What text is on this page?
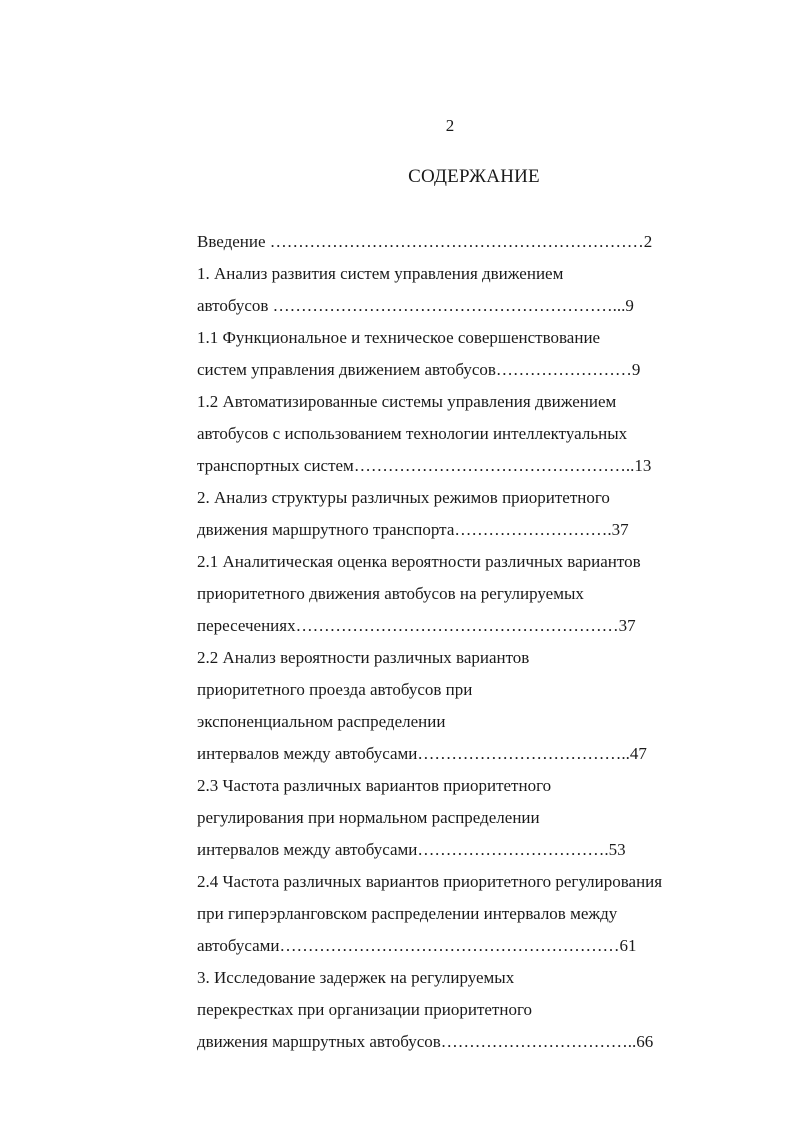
2
СОДЕРЖАНИЕ
Введение …………………………………………………………2
1. Анализ развития систем управления движением
автобусов ……………………………………………………...9
1.1 Функциональное и техническое совершенствование
систем управления движением автобусов……………………9
1.2 Автоматизированные системы управления движением
автобусов с использованием технологии интеллектуальных
транспортных систем…………………………………………..13
2. Анализ структуры различных режимов приоритетного
движения маршрутного транспорта……………………….37
2.1 Аналитическая оценка вероятности различных вариантов
приоритетного движения автобусов на регулируемых
пересечениях…………………………………………………37
2.2 Анализ вероятности различных вариантов
приоритетного проезда автобусов при
экспоненциальном распределении
интервалов между автобусами………………………………..47
2.3 Частота различных вариантов приоритетного
регулирования при нормальном распределении
интервалов между автобусами…………………………….53
2.4 Частота различных вариантов приоритетного регулирования
при гиперэрланговском распределении интервалов между
автобусами……………………………………………………61
3. Исследование задержек на регулируемых
перекрестках при организации приоритетного
движения маршрутных автобусов……………………………..66
